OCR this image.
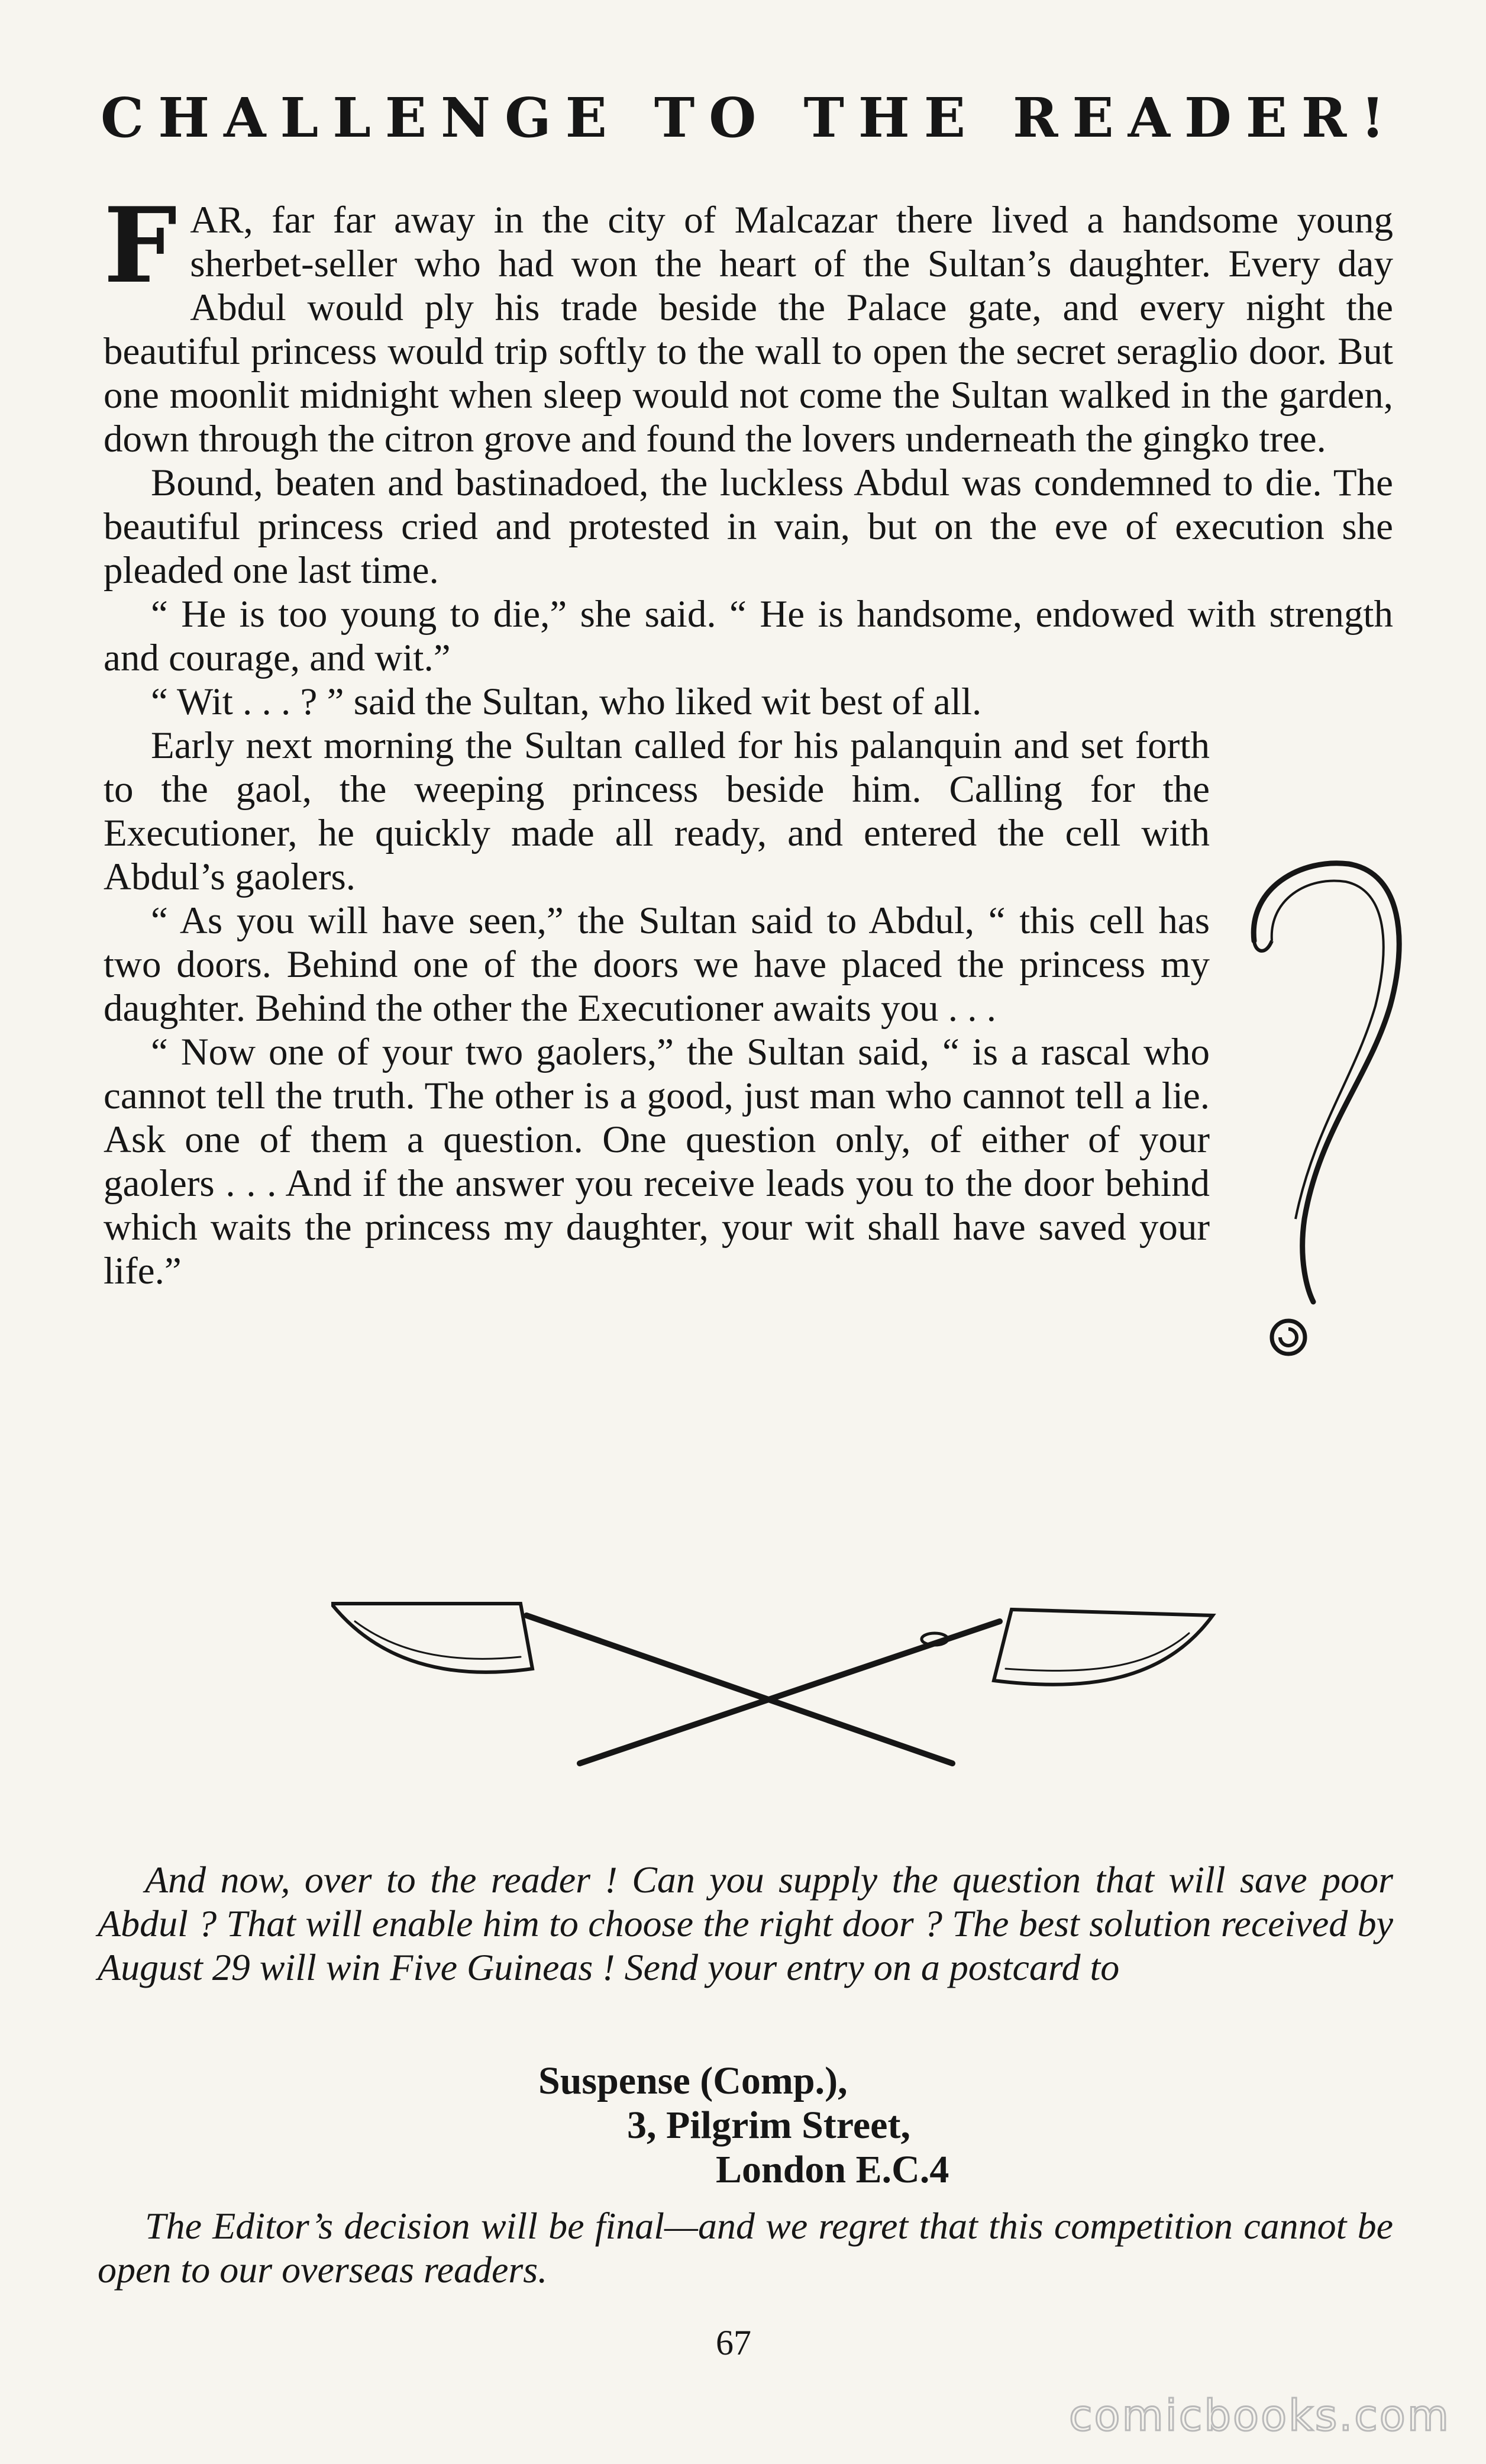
CHALLENGE TO THE READER!

FAR, far far away in the city of Malcazar there lived a handsome young sherbet-seller who had won the heart of the Sultan’s daughter. Every day Abdul would ply his trade beside the Palace gate, and every night the beautiful princess would trip softly to the wall to open the secret seraglio door. But one moonlit midnight when sleep would not come the Sultan walked in the garden, down through the citron grove and found the lovers underneath the gingko tree.

Bound, beaten and bastinadoed, the luckless Abdul was condemned to die. The beautiful princess cried and protested in vain, but on the eve of execution she pleaded one last time.

“ He is too young to die,” she said. “ He is handsome, endowed with strength and courage, and wit.”

“ Wit . . . ? ” said the Sultan, who liked wit best of all.

Early next morning the Sultan called for his palanquin and set forth to the gaol, the weeping princess beside him. Calling for the Executioner, he quickly made all ready, and entered the cell with Abdul’s gaolers.

“ As you will have seen,” the Sultan said to Abdul, “ this cell has two doors. Behind one of the doors we have placed the princess my daughter. Behind the other the Executioner awaits you . . .

“ Now one of your two gaolers,” the Sultan said, “ is a rascal who cannot tell the truth. The other is a good, just man who cannot tell a lie. Ask one of them a question. One question only, of either of your gaolers . . . And if the answer you receive leads you to the door behind which waits the princess my daughter, your wit shall have saved your life.”

And now, over to the reader ! Can you supply the question that will save poor Abdul ? That will enable him to choose the right door ? The best solution received by August 29 will win Five Guineas ! Send your entry on a postcard to
Suspense (Comp.),
3, Pilgrim Street,
London E.C.4
The Editor’s decision will be final—and we regret that this competition cannot be open to our overseas readers.
67
comicbooks.com
